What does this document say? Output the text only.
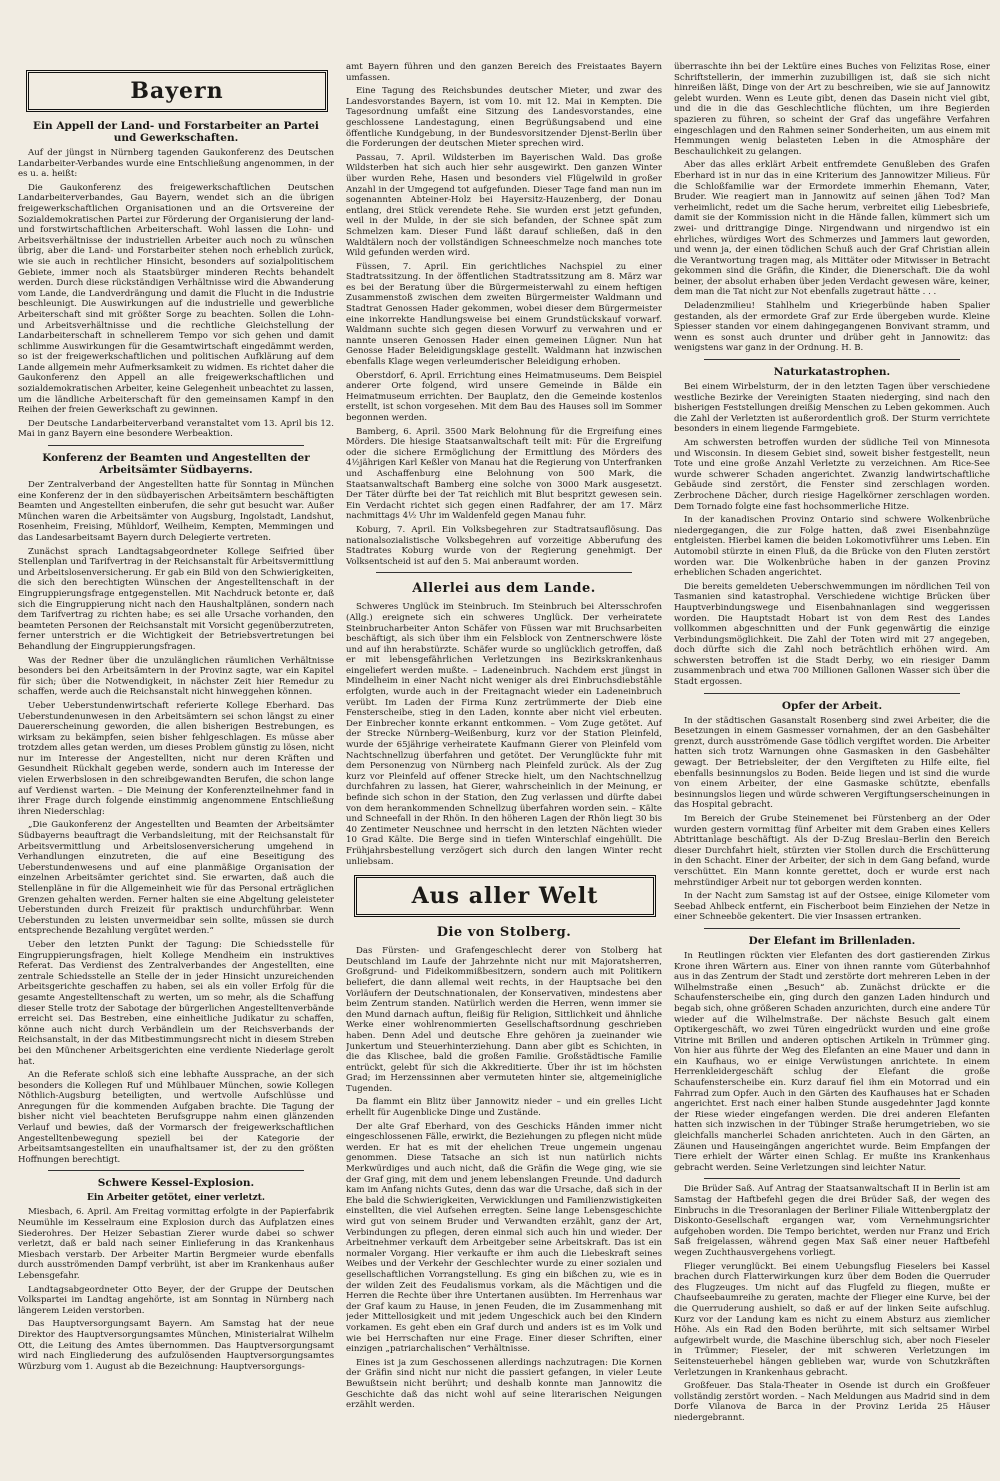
Bayern
Ein Appell der Land- und Forstarbeiter an Partei und Gewerkschaften.

Auf der jüngst in Nürnberg tagenden Gaukonferenz des Deutschen Landarbeiter-Verbandes wurde eine Entschließung angenommen, in der es u. a. heißt:

Die Gaukonferenz des freigewerkschaftlichen Deutschen Landarbeiterverbandes, Gau Bayern, wendet sich an die übrigen freigewerkschaftlichen Organisationen und an die Ortsvereine der Sozialdemokratischen Partei zur Förderung der Organisierung der land- und forstwirtschaftlichen Arbeiterschaft. Wohl lassen die Lohn- und Arbeitsverhältnisse der industriellen Arbeiter auch noch zu wünschen übrig, aber die Land- und Forstarbeiter stehen noch erheblich zurück, wie sie auch in rechtlicher Hinsicht, besonders auf sozialpolitischem Gebiete, immer noch als Staatsbürger minderen Rechts behandelt werden. Durch diese rückständigen Verhältnisse wird die Abwanderung vom Lande, die Landverdrängung und damit die Flucht in die Industrie beschleunigt. Die Auswirkungen auf die industrielle und gewerbliche Arbeiterschaft sind mit größter Sorge zu beachten. Sollen die Lohn- und Arbeitsverhältnisse und die rechtliche Gleichstellung der Landarbeiterschaft in schnellerem Tempo vor sich gehen und damit schlimme Auswirkungen für die Gesamtwirtschaft eingedämmt werden, so ist der freigewerkschaftlichen und politischen Aufklärung auf dem Lande allgemein mehr Aufmerksamkeit zu widmen. Es richtet daher die Gaukonferenz den Appell an alle freigewerkschaftlichen und sozialdemokratischen Arbeiter, keine Gelegenheit unbeachtet zu lassen, um die ländliche Arbeiterschaft für den gemeinsamen Kampf in den Reihen der freien Gewerkschaft zu gewinnen.

Der Deutsche Landarbeiterverband veranstaltet vom 13. April bis 12. Mai in ganz Bayern eine besondere Werbeaktion.

Konferenz der Beamten und Angestellten der Arbeitsämter Südbayerns.

Der Zentralverband der Angestellten hatte für Sonntag in München eine Konferenz der in den südbayerischen Arbeitsämtern beschäftigten Beamten und Angestellten einberufen, die sehr gut besucht war. Außer München waren die Arbeitsämter von Augsburg, Ingolstadt, Landshut, Rosenheim, Freising, Mühldorf, Weilheim, Kempten, Memmingen und das Landesarbeitsamt Bayern durch Delegierte vertreten.

Zunächst sprach Landtagsabgeordneter Kollege Seifried über Stellenplan und Tarifvertrag in der Reichsanstalt für Arbeitsvermittlung und Arbeitslosenversicherung. Er gab ein Bild von den Schwierigkeiten, die sich den berechtigten Wünschen der Angestelltenschaft in der Eingruppierungsfrage entgegenstellen. Mit Nachdruck betonte er, daß sich die Eingruppierung nicht nach den Haushaltplänen, sondern nach dem Tarifvertrag zu richten habe; es sei alle Ursache vorhanden, den beamteten Personen der Reichsanstalt mit Vorsicht gegenüberzutreten, ferner unterstrich er die Wichtigkeit der Betriebsvertretungen bei Behandlung der Eingruppierungsfragen.

Was der Redner über die unzulänglichen räumlichen Verhältnisse besonders bei den Arbeitsämtern in der Provinz sagte, war ein Kapitel für sich; über die Notwendigkeit, in nächster Zeit hier Remedur zu schaffen, werde auch die Reichsanstalt nicht hinweggehen können.

Ueber Ueberstundenwirtschaft referierte Kollege Eberhard. Das Ueberstundenunwesen in den Arbeitsämtern sei schon längst zu einer Dauererscheinung geworden, die allen bisherigen Bestrebungen, es wirksam zu bekämpfen, seien bisher fehlgeschlagen. Es müsse aber trotzdem alles getan werden, um dieses Problem günstig zu lösen, nicht nur im Interesse der Angestellten, nicht nur deren Kräften und Gesundheit Rückhalt gegeben werde, sondern auch im Interesse der vielen Erwerbslosen in den schreibgewandten Berufen, die schon lange auf Verdienst warten. – Die Meinung der Konferenzteilnehmer fand in ihrer Frage durch folgende einstimmig angenommene Entschließung ihren Niederschlag:

„Die Gaukonferenz der Angestellten und Beamten der Arbeitsämter Südbayerns beauftragt die Verbandsleitung, mit der Reichsanstalt für Arbeitsvermittlung und Arbeitslosenversicherung umgehend in Verhandlungen einzutreten, die auf eine Beseitigung des Ueberstundenwesens und auf eine planmäßige Organisation der einzelnen Arbeitsämter gerichtet sind. Sie erwarten, daß auch die Stellenpläne in für die Allgemeinheit wie für das Personal erträglichen Grenzen gehalten werden. Ferner halten sie eine Abgeltung geleisteter Ueberstunden durch Freizeit für praktisch undurchführbar. Wenn Ueberstunden zu leisten unvermeidbar sein sollte, müssen sie durch entsprechende Bezahlung vergütet werden.“

Ueber den letzten Punkt der Tagung: Die Schiedsstelle für Eingruppierungsfragen, hielt Kollege Mendheim ein instruktives Referat. Das Verdienst des Zentralverbandes der Angestellten, eine zentrale Schiedsstelle an Stelle der in jeder Hinsicht unzureichenden Arbeitsgerichte geschaffen zu haben, sei als ein voller Erfolg für die gesamte Angestelltenschaft zu werten, um so mehr, als die Schaffung dieser Stelle trotz der Sabotage der bürgerlichen Angestelltenverbände erreicht sei. Das Bestreben, eine einheitliche Judikatur zu schaffen, könne auch nicht durch Verbändlein um der Reichsverbands der Reichsanstalt, in der das Mitbestimmungsrecht nicht in diesem Streben bei den Münchener Arbeitsgerichten eine verdiente Niederlage gerolt hat.

An die Referate schloß sich eine lebhafte Aussprache, an der sich besonders die Kollegen Ruf und Mühlbauer München, sowie Kollegen Nöthlich-Augsburg beteiligten, und wertvolle Aufschlüsse und Anregungen für die kommenden Aufgaben brachte. Die Tagung der bisher nicht viel beachteten Berufsgruppe nahm einen glänzenden Verlauf und bewies, daß der Vormarsch der freigewerkschaftlichen Angestelltenbewegung speziell bei der Kategorie der Arbeitsamtsangestellten ein unaufhaltsamer ist, der zu den größten Hoffnungen berechtigt.

Schwere Kessel-Explosion.
Ein Arbeiter getötet, einer verletzt.

Miesbach, 6. April. Am Freitag vormittag erfolgte in der Papierfabrik Neumühle im Kesselraum eine Explosion durch das Aufplatzen eines Siederohres. Der Heizer Sebastian Zierer wurde dabei so schwer verletzt, daß er bald nach seiner Einlieferung in das Krankenhaus Miesbach verstarb. Der Arbeiter Martin Bergmeier wurde ebenfalls durch ausströmenden Dampf verbrüht, ist aber im Krankenhaus außer Lebensgefahr.

Landtagsabgeordneter Otto Beyer, der der Gruppe der Deutschen Volkspartei im Landtag angehörte, ist am Sonntag in Nürnberg nach längerem Leiden verstorben.

Das Hauptversorgungsamt Bayern. Am Samstag hat der neue Direktor des Hauptversorgungsamtes München, Ministerialrat Wilhelm Ott, die Leitung des Amtes übernommen. Das Hauptversorgungsamt wird nach Eingliederung des aufzulösenden Hauptversorgungsamtes Würzburg vom 1. August ab die Bezeichnung: Hauptversorgungs-

amt Bayern führen und den ganzen Bereich des Freistaates Bayern umfassen.

Eine Tagung des Reichsbundes deutscher Mieter, und zwar des Landesvorstandes Bayern, ist vom 10. mit 12. Mai in Kempten. Die Tagesordnung umfaßt eine Sitzung des Landesvorstandes, eine geschlossene Landestagung, einen Begrüßungsabend und eine öffentliche Kundgebung, in der Bundesvorsitzender Djenst-Berlin über die Forderungen der deutschen Mieter sprechen wird.

Passau, 7. April. Wildsterben im Bayerischen Wald. Das große Wildsterben hat sich auch hier sehr ausgewirkt. Den ganzen Winter über wurden Rehe, Hasen und besonders viel Flügelwild in großer Anzahl in der Umgegend tot aufgefunden. Dieser Tage fand man nun im sogenannten Abteiner-Holz bei Hayersitz-Hauzenberg, der Donau entlang, drei Stück verendete Rehe. Sie wurden erst jetzt gefunden, weil in der Mulde, in der sie sich befanden, der Schnee spät zum Schmelzen kam. Dieser Fund läßt darauf schließen, daß in den Waldtälern noch der vollständigen Schneeschmelze noch manches tote Wild gefunden werden wird.

Füssen, 7. April. Ein gerichtliches Nachspiel zu einer Stadtratssitzung. In der öffentlichen Stadtratssitzung am 8. März war es bei der Beratung über die Bürgermeisterwahl zu einem heftigen Zusammenstoß zwischen dem zweiten Bürgermeister Waldmann und Stadtrat Genossen Hader gekommen, wobei dieser dem Bürgermeister eine inkorrekte Handlungsweise bei einem Grundstückskauf vorwarf. Waldmann suchte sich gegen diesen Vorwurf zu verwahren und er nannte unseren Genossen Hader einen gemeinen Lügner. Nun hat Genosse Hader Beleidigungsklage gestellt. Waldmann hat inzwischen ebenfalls Klage wegen verleumderischer Beleidigung erhoben.

Oberstdorf, 6. April. Errichtung eines Heimatmuseums. Dem Beispiel anderer Orte folgend, wird unsere Gemeinde in Bälde ein Heimatmuseum errichten. Der Bauplatz, den die Gemeinde kostenlos erstellt, ist schon vorgesehen. Mit dem Bau des Hauses soll im Sommer begonnen werden.

Bamberg, 6. April. 3500 Mark Belohnung für die Ergreifung eines Mörders. Die hiesige Staatsanwaltschaft teilt mit: Für die Ergreifung oder die sichere Ermöglichung der Ermittlung des Mörders des 4½jährigen Karl Keßler von Manau hat die Regierung von Unterfranken und Aschaffenburg eine Belohnung von 500 Mark, die Staatsanwaltschaft Bamberg eine solche von 3000 Mark ausgesetzt. Der Täter dürfte bei der Tat reichlich mit Blut bespritzt gewesen sein. Ein Verdacht richtet sich gegen einen Radfahrer, der am 17. März nachmittags 4½ Uhr im Waldenfeld gegen Manau fuhr.

Koburg, 7. April. Ein Volksbegehren zur Stadtratsauflösung. Das nationalsozialistische Volksbegehren auf vorzeitige Abberufung des Stadtrates Koburg wurde von der Regierung genehmigt. Der Volksentscheid ist auf den 5. Mai anberaumt worden.

Allerlei aus dem Lande.

Schweres Unglück im Steinbruch. Im Steinbruch bei Altersschrofen (Allg.) ereignete sich ein schweres Unglück. Der verheiratete Steinbrucharbeiter Anton Schäfer von Füssen war mit Bruchsarbeiten beschäftigt, als sich über ihm ein Felsblock von Zentnerschwere löste und auf ihn herabstürzte. Schäfer wurde so unglücklich getroffen, daß er mit lebensgefährlichen Verletzungen ins Bezirkskrankenhaus eingeliefert werden mußte. – Ladeneinbruch. Nachdem erst jüngst in Mindelheim in einer Nacht nicht weniger als drei Einbruchsdiebstähle erfolgten, wurde auch in der Freitagnacht wieder ein Ladeneinbruch verübt. Im Laden der Firma Kunz zertrümmerte der Dieb eine Fensterscheibe, stieg in den Laden, konnte aber nicht viel erbeuten. Der Einbrecher konnte erkannt entkommen. – Vom Zuge getötet. Auf der Strecke Nürnberg–Weißenburg, kurz vor der Station Pleinfeld, wurde der 65jährige verheiratete Kaufmann Gierer von Pleinfeld vom Nachtschnellzug überfahren und getötet. Der Verunglückte fuhr mit dem Personenzug von Nürnberg nach Pleinfeld zurück. Als der Zug kurz vor Pleinfeld auf offener Strecke hielt, um den Nachtschnellzug durchfahren zu lassen, hat Gierer, wahrscheinlich in der Meinung, er befinde sich schon in der Station, den Zug verlassen und dürfte dabei von dem herankommenden Schnellzug überfahren worden sein. – Kälte und Schneefall in der Rhön. In den höheren Lagen der Rhön liegt 30 bis 40 Zentimeter Neuschnee und herrscht in den letzten Nächten wieder 10 Grad Kälte. Die Berge sind in tiefen Winterschlaf eingehüllt. Die Frühjahrsbestellung verzögert sich durch den langen Winter recht unliebsam.

Aus aller Welt
Die von Stolberg.

Das Fürsten- und Grafengeschlecht derer von Stolberg hat Deutschland im Laufe der Jahrzehnte nicht nur mit Majoratsherren, Großgrund- und Fideikommißbesitzern, sondern auch mit Politikern beliefert, die dann allemal weit rechts, in der Hauptsache bei den Vorläufern der Deutschnationalen, der Konservativen, mindestens aber beim Zentrum standen. Natürlich werden die Herren, wenn immer sie den Mund darnach auftun, fleißig für Religion, Sittlichkeit und ähnliche Werke einer wohlrenommierten Gesellschaftsordnung geschrieben haben. Denn Adel und deutsche Ehre gehören ja zueinander wie Junkertum und Steuerhinterziehung. Dann aber gibt es Schichten, in die das Klischee, bald die großen Familie. Großstädtische Familie entrückt, gelebt für sich die Akkreditierte. Über ihr ist im höchsten Grad; im Herzenssinnen aber vermuteten hinter sie, altgemeinigliche Tugenden.

Da flammt ein Blitz über Jannowitz nieder – und ein grelles Licht erhellt für Augenblicke Dinge und Zustände.

Der alte Graf Eberhard, von des Geschicks Händen immer nicht eingeschlossenen Fälle, erwirkt, die Beziehungen zu pflegen nicht müde werden. Er hat es mit der ehelichen Treue ungemein ungenau genommen. Diese Tatsache an sich ist nun natürlich nichts Merkwürdiges und auch nicht, daß die Gräfin die Wege ging, wie sie der Graf ging, mit dem und jenem lebenslangen Freunde. Und dadurch kam im Anfang nichts Gutes, denn das war die Ursache, daß sich in der Ehe bald die Schwierigkeiten, Verwicklungen und Familienzwistigkeiten einstellten, die viel Aufsehen erregten. Seine lange Lebensgeschichte wird gut von seinem Bruder und Verwandten erzählt, ganz der Art, Verbindungen zu pflegen, deren einmal sich auch hin und wieder. Der Arbeitnehmer verkauft dem Arbeitgeber seine Arbeitskraft. Das ist ein normaler Vorgang. Hier verkaufte er ihm auch die Liebeskraft seines Weibes und der Verkehr der Geschlechter wurde zu einer sozialen und gesellschaftlichen Vorrangstellung. Es ging ein bißchen zu, wie es in der wilden Zeit des Feudalismus vorkam, als die Mächtigen und die Herren die Rechte über ihre Untertanen ausübten. Im Herrenhaus war der Graf kaum zu Hause, in jenen Feuden, die im Zusammenhang mit jeder Mittellosigkeit und mit jedem Ungeschick auch bei den Kindern vorkamen. Es geht eben ein Graf durch und anders ist es im Volk und wie bei Herrschaften nur eine Frage. Einer dieser Schriften, einer einzigen „patriarchalischen“ Verhältnisse.

Eines ist ja zum Geschossenen allerdings nachzutragen: Die Kornen der Gräfin sind nicht nur nicht die passiert gefangen, in vieler Leute Bewußtsein nicht berührt; und deshalb konnte man Jannowitz die Geschichte daß das nicht wohl auf seine literarischen Neigungen erzählt werden.

überraschte ihn bei der Lektüre eines Buches von Felizitas Rose, einer Schriftstellerin, der immerhin zuzubilligen ist, daß sie sich nicht hinreißen läßt, Dinge von der Art zu beschreiben, wie sie auf Jannowitz gelebt wurden. Wenn es Leute gibt, denen das Dasein nicht viel gibt, und die in die das Geschlechtliche flüchten, um ihre Begierden spazieren zu führen, so scheint der Graf das ungefähre Verfahren eingeschlagen und den Rahmen seiner Sonderheiten, um aus einem mit Hemmungen wenig belasteten Leben in die Atmosphäre der Beschaulichkeit zu gelangen.

Aber das alles erklärt Arbeit entfremdete Genußleben des Grafen Eberhard ist in nur das in eine Kriterium des Jannowitzer Milieus. Für die Schloßfamilie war der Ermordete immerhin Ehemann, Vater, Bruder. Wie reagiert man in Jannowitz auf seinen jähen Tod? Man verheimlicht, redet um die Sache herum, verbreitet eilig Liebesbriefe, damit sie der Kommission nicht in die Hände fallen, kümmert sich um zwei- und drittrangige Dinge. Nirgendwann und nirgendwo ist ein ehrliches, würdiges Wort des Schmerzes und Jammers laut geworden, und wenn ja, der einen tödlichen Schuß auch der Graf Christian allein die Verantwortung tragen mag, als Mittäter oder Mitwisser in Betracht gekommen sind die Gräfin, die Kinder, die Dienerschaft. Die da wohl beiner, der absolut erhaben über jeden Verdacht gewesen wäre, keiner, dem man die Tat nicht zur Not ebenfalls zugetraut hätte . . .

Deladenzmilieu! Stahlhelm und Kriegerbünde haben Spalier gestanden, als der ermordete Graf zur Erde übergeben wurde. Kleine Spiesser standen vor einem dahingegangenen Bonvivant stramm, und wenn es sonst auch drunter und drüber geht in Jannowitz: das wenigstens war ganz in der Ordnung. H. B.

Naturkatastrophen.

Bei einem Wirbelsturm, der in den letzten Tagen über verschiedene westliche Bezirke der Vereinigten Staaten niederging, sind nach den bisherigen Feststellungen dreißig Menschen zu Leben gekommen. Auch die Zahl der Verletzten ist außerordentlich groß. Der Sturm verrichtete besonders in einem liegende Farmgebiete.

Am schwersten betroffen wurden der südliche Teil von Minnesota und Wisconsin. In diesem Gebiet sind, soweit bisher festgestellt, neun Tote und eine große Anzahl Verletzte zu verzeichnen. Am Rice-See wurde schwerer Schaden angerichtet. Zwanzig landwirtschaftliche Gebäude sind zerstört, die Fenster sind zerschlagen worden. Zerbrochene Dächer, durch riesige Hagelkörner zerschlagen worden. Dem Tornado folgte eine fast hochsommerliche Hitze.

In der kanadischen Provinz Ontario sind schwere Wolkenbrüche niedergegangen, die zur Folge hatten, daß zwei Eisenbahnzüge entgleisten. Hierbei kamen die beiden Lokomotivführer ums Leben. Ein Automobil stürzte in einen Fluß, da die Brücke von den Fluten zerstört worden war. Die Wolkenbrüche haben in der ganzen Provinz erheblichen Schaden angerichtet.

Die bereits gemeldeten Ueberschwemmungen im nördlichen Teil von Tasmanien sind katastrophal. Verschiedene wichtige Brücken über Hauptverbindungswege und Eisenbahnanlagen sind weggerissen worden. Die Hauptstadt Hobart ist von dem Rest des Landes vollkommen abgeschnitten und der Funk gegenwärtig die einzige Verbindungsmöglichkeit. Die Zahl der Toten wird mit 27 angegeben, doch dürfte sich die Zahl noch beträchtlich erhöhen wird. Am schwersten betroffen ist die Stadt Derby, wo ein riesiger Damm zusammenbrach und etwa 700 Millionen Gallonen Wasser sich über die Stadt ergossen.

Opfer der Arbeit.

In der städtischen Gasanstalt Rosenberg sind zwei Arbeiter, die die Besetzungen in einem Gasmesser vornahmen, der an den Gasbehälter grenzt, durch ausströmende Gase tödlich vergiftet worden. Die Arbeiter hatten sich trotz Warnungen ohne Gasmasken in den Gasbehälter gewagt. Der Betriebsleiter, der den Vergifteten zu Hilfe eilte, fiel ebenfalls besinnungslos zu Boden. Beide liegen und ist sind die wurde von einem Arbeiter, der eine Gasmaske schützte, ebenfalls besinnungslos liegen und würde schweren Vergiftungserscheinungen in das Hospital gebracht.

Im Bereich der Grube Steinemenet bei Fürstenberg an der Oder wurden gestern vormittag fünf Arbeiter mit dem Graben eines Kellers Abtrittanlage beschäftigt. Als der D-Zug Breslau–Berlin den Bereich dieser Durchfahrt hielt, stürzten vier Stollen durch die Erschütterung in den Schacht. Einer der Arbeiter, der sich in dem Gang befand, wurde verschüttet. Ein Mann konnte gerettet, doch er wurde erst nach mehrstündiger Arbeit nur tot geborgen werden konnten.

In der Nacht zum Samstag ist auf der Ostsee, einige Kilometer vom Seebad Ahlbeck entfernt, ein Fischerboot beim Einziehen der Netze in einer Schneeböe gekentert. Die vier Insassen ertranken.

Der Elefant im Brillenladen.

In Reutlingen rückten vier Elefanten des dort gastierenden Zirkus Krone ihren Wärtern aus. Einer von ihnen rannte vom Güterbahnhof aus in das Zentrum der Stadt und zerstörte dort mehreren Leben in der Wilhelmstraße einen „Besuch“ ab. Zunächst drückte er die Schaufensterscheibe ein, ging durch den ganzen Laden hindurch und begab sich, ohne größeren Schaden anzurichten, durch eine andere Tür wieder auf die Wilhelmstraße. Der nächste Besuch galt einem Optikergeschäft, wo zwei Türen eingedrückt wurden und eine große Vitrine mit Brillen und anderen optischen Artikeln in Trümmer ging. Von hier aus führte der Weg des Elefanten an eine Mauer und dann in ein Kaufhaus, wo er einige Verwüstungen anrichtete. In einem Herrenkleidergeschäft schlug der Elefant die große Schaufensterscheibe ein. Kurz darauf fiel ihm ein Motorrad und ein Fahrrad zum Opfer. Auch in den Gärten des Kaufhauses hat er Schaden angerichtet. Erst nach einer halben Stunde ausgedehnter Jagd konnte der Riese wieder eingefangen werden. Die drei anderen Elefanten hatten sich inzwischen in der Tübinger Straße herumgetrieben, wo sie gleichfalls mancherlei Schaden anrichteten. Auch in den Gärten, an Zäunen und Hauseingängen angerichtet wurde. Beim Empfangen der Tiere erhielt der Wärter einen Schlag. Er mußte ins Krankenhaus gebracht werden. Seine Verletzungen sind leichter Natur.

Die Brüder Saß. Auf Antrag der Staatsanwaltschaft II in Berlin ist am Samstag der Haftbefehl gegen die drei Brüder Saß, der wegen des Einbruchs in die Tresoranlagen der Berliner Filiale Wittenbergplatz der Diskonto-Gesellschaft ergangen war, vom Vernehmungsrichter aufgehoben worden. Die Tempo berichtet, werden nur Franz und Erich Saß freigelassen, während gegen Max Saß einer neuer Haftbefehl wegen Zuchthausvergehens vorliegt.

Flieger verunglückt. Bei einem Uebungsflug Fieselers bei Kassel brachen durch Flatterwirkungen kurz über dem Boden die Querruder des Flugzeuges. Um nicht auf das Flugfeld zu fliegen, mußte er Chaufseebaumreihe zu geraten, machte der Flieger eine Kurve, bei der die Querruderung aushielt, so daß er auf der linken Seite aufschlug. Kurz vor der Landung kam es nicht zu einem Absturz aus ziemlicher Höhe. Als ein Rad den Boden berührte, mit sich seltsamer Wirbel aufgewirbelt wurde, die Maschine überschlug sich, aber noch Fieseler in Trümmer; Fieseler, der mit schweren Verletzungen im Seitensteuerhebel hängen geblieben war, wurde von Schutzkräften Verletzungen in Krankenhaus gebracht.

Großfeuer. Das Stala-Theater in Osende ist durch ein Großfeuer vollständig zerstört worden. – Nach Meldungen aus Madrid sind in dem Dorfe Vilanova de Barca in der Provinz Lerida 25 Häuser niedergebrannt.
